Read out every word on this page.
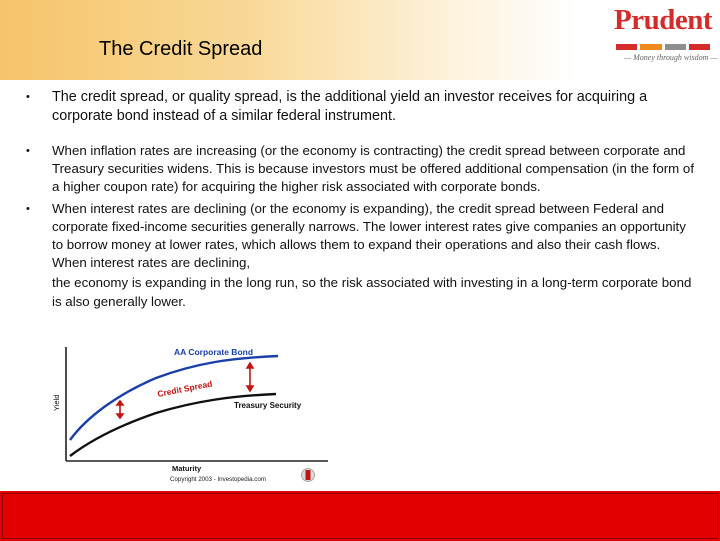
The Credit Spread
Prudent
— Money through wisdom —
• The credit spread, or quality spread, is the additional yield an investor receives for acquiring a corporate bond instead of a similar federal instrument.
• When inflation rates are increasing (or the economy is contracting) the credit spread between corporate and Treasury securities widens. This is because investors must be offered additional compensation (in the form of a higher coupon rate) for acquiring the higher risk associated with corporate bonds.
• When interest rates are declining (or the economy is expanding), the credit spread between Federal and corporate fixed-income securities generally narrows. The lower interest rates give companies an opportunity to borrow money at lower rates, which allows them to expand their operations and also their cash flows. When interest rates are declining,
the economy is expanding in the long run, so the risk associated with investing in a long-term corporate bond is also generally lower.
AA Corporate Bond
Credit Spread
Treasury Security
Yield
Maturity
Copyright 2003 - Investopedia.com
